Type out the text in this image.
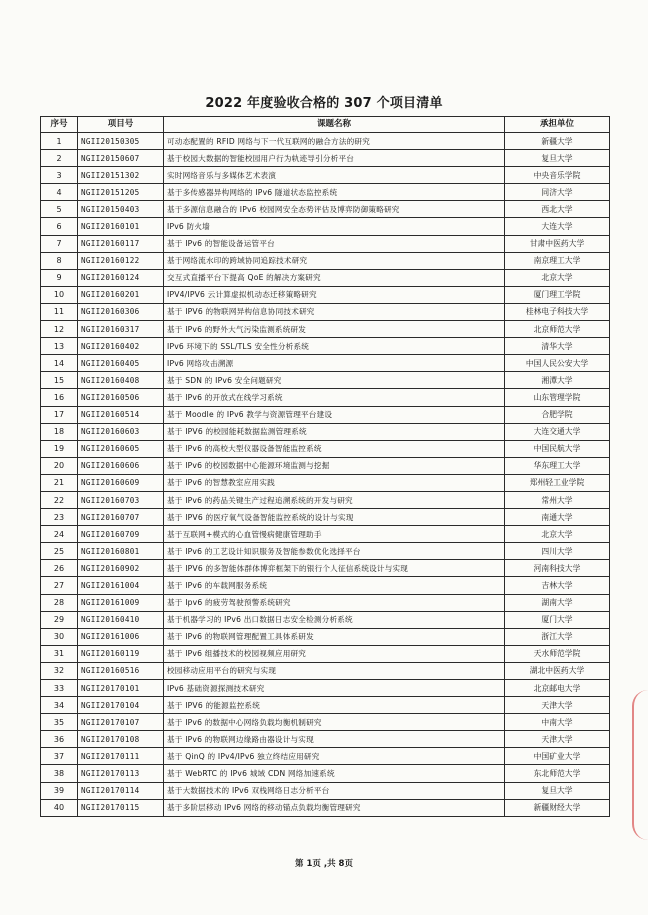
2022 年度验收合格的 307 个项目清单
序号	项目号	课题名称	承担单位
1	NGII20150305	可动态配置的 RFID 网络与下一代互联网的融合方法的研究	新疆大学
2	NGII20150607	基于校园大数据的智能校园用户行为轨迹导引分析平台	复旦大学
3	NGII20151302	实时网络音乐与多媒体艺术表演	中央音乐学院
4	NGII20151205	基于多传感器异构网络的 IPv6 隧道状态监控系统	同济大学
5	NGII20150403	基于多源信息融合的 IPv6 校园网安全态势评估及博弈防御策略研究	西北大学
6	NGII20160101	IPv6 防火墙	大连大学
7	NGII20160117	基于 IPv6 的智能设备运管平台	甘肃中医药大学
8	NGII20160122	基于网络流水印的跨域协同追踪技术研究	南京理工大学
9	NGII20160124	交互式直播平台下提高 QoE 的解决方案研究	北京大学
10	NGII20160201	IPV4/IPV6 云计算虚拟机动态迁移策略研究	厦门理工学院
11	NGII20160306	基于 IPV6 的物联网异构信息协同技术研究	桂林电子科技大学
12	NGII20160317	基于 IPv6 的野外大气污染监测系统研发	北京师范大学
13	NGII20160402	IPv6 环境下的 SSL/TLS 安全性分析系统	清华大学
14	NGII20160405	IPv6 网络攻击溯源	中国人民公安大学
15	NGII20160408	基于 SDN 的 IPv6 安全问题研究	湘潭大学
16	NGII20160506	基于 IPv6 的开放式在线学习系统	山东管理学院
17	NGII20160514	基于 Moodle 的 IPv6 教学与资源管理平台建设	合肥学院
18	NGII20160603	基于 IPV6 的校园能耗数据监测管理系统	大连交通大学
19	NGII20160605	基于 IPv6 的高校大型仪器设备智能监控系统	中国民航大学
20	NGII20160606	基于 IPv6 的校园数据中心能源环境监测与挖掘	华东理工大学
21	NGII20160609	基于 IPv6 的智慧教室应用实践	郑州轻工业学院
22	NGII20160703	基于 IPv6 的药品关键生产过程追溯系统的开发与研究	常州大学
23	NGII20160707	基于 IPV6 的医疗氧气设备智能监控系统的设计与实现	南通大学
24	NGII20160709	基于互联网+模式的心血管慢病健康管理助手	北京大学
25	NGII20160801	基于 IPv6 的工艺设计知识服务及智能参数优化选择平台	四川大学
26	NGII20160902	基于 IPV6 的多智能体群体博弈框架下的银行个人征信系统设计与实现	河南科技大学
27	NGII20161004	基于 IPv6 的车载网服务系统	吉林大学
28	NGII20161009	基于 Ipv6 的疲劳驾驶预警系统研究	湖南大学
29	NGII20160410	基于机器学习的 IPv6 出口数据日志安全检测分析系统	厦门大学
30	NGII20161006	基于 IPv6 的物联网管理配置工具体系研发	浙江大学
31	NGII20160119	基于 IPv6 组播技术的校园视频应用研究	天水师范学院
32	NGII20160516	校园移动应用平台的研究与实现	湖北中医药大学
33	NGII20170101	IPv6 基础资源探测技术研究	北京邮电大学
34	NGII20170104	基于 IPV6 的能源监控系统	天津大学
35	NGII20170107	基于 IPv6 的数据中心网络负载均衡机制研究	中南大学
36	NGII20170108	基于 IPv6 的物联网边缘路由器设计与实现	天津大学
37	NGII20170111	基于 QinQ 的 IPv4/IPv6 独立终结应用研究	中国矿业大学
38	NGII20170113	基于 WebRTC 的 IPv6 城域 CDN 网络加速系统	东北师范大学
39	NGII20170114	基于大数据技术的 IPv6 双栈网络日志分析平台	复旦大学
40	NGII20170115	基于多阶层移动 IPv6 网络的移动锚点负载均衡管理研究	新疆财经大学
第 1页 ,共 8页
